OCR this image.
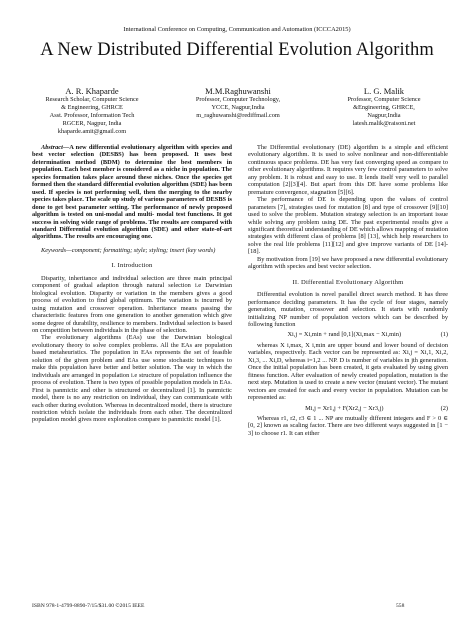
International Conference on Computing, Communication and Automation (ICCCA2015)
A New Distributed Differential Evolution Algorithm
A. R. Khaparde
Research Scholar, Computer Science
& Engineering, GHRCE
Asst. Professor, Information Tech
RGCER, Nagpur, India
khaparde.amit@gmail.com
M.M.Raghuwanshi
Professor, Computer Technology,
YCCE, Nagpur,India
m_raghuwanshi@rediffmail.com
L. G. Malik
Professor, Computer Science
&Engineering, GHRCE,
Nagpur,India
latesh.malik@raisoni.net

Abstract—A new differential evolutionary algorithm with species and best vector selection (DESBS) has been proposed. It uses best determination method (BDM) to determine the best members in population. Each best member is considered as a niche in population. The species formation takes place around these niches. Once the species get formed then the standard differential evolution algorithm (SDE) has been used. If species is not performing well, then the merging to the nearby species takes place. The scale up study of various parameters of DESBS is done to get best parameter setting. The performance of newly proposed algorithm is tested on uni-modal and multi- modal test functions. It got success in solving wide range of problems. The results are compared with standard Differential evolution algorithm (SDE) and other state-of-art algorithms. The results are encouraging one.

Keywords—component; formatting; style; styling; insert (key words)

I. Introduction

Disparity, inheritance and individual selection are three main principal component of gradual adaption through natural selection i.e Darwinian biological evolution. Disparity or variation in the members gives a good process of evolution to find global optimum. The variation is incurred by using mutation and crossover operation. Inheritance means passing the characteristic features from one generation to another generation which give some degree of durability, resilience to members. Individual selection is based on competition between individuals in the phase of selection.

The evolutionary algorithms (EAs) use the Darwinian biological evolutionary theory to solve complex problems. All the EAs are population based metaheuristics. The population in EAs represents the set of feasible solution of the given problem and EAs use some stochastic techniques to make this population have better and better solution. The way in which the individuals are arranged in population i.e structure of population influence the process of evolution. There is two types of possible population models in EAs. First is panmictic and other is structured or decentralized [1]. In panmictic model, there is no any restriction on individual, they can communicate with each other during evolution. Whereas in decentralized model, there is structure restriction which isolate the individuals from each other. The decentralized population model gives more exploration compare to panmictic model [1].

The Differential evolutionary (DE) algorithm is a simple and efficient evolutionary algorithm. It is used to solve nonlinear and non-differentiable continuous space problems. DE has very fast converging speed as compare to other evolutionary algorithms. It requires very few control parameters to solve any problem. It is robust and easy to use. It lends itself very well to parallel computation [2][3][4]. But apart from this DE have some problems like premature convergence, stagnation [5][6].

The performance of DE is depending upon the values of control parameters [7], strategies used for mutation [8] and type of crossover [9][10] used to solve the problem. Mutation strategy selection is an important issue while solving any problem using DE. The past experimental results give a significant theoretical understanding of DE which allows mapping of mutation strategies with different class of problems [8] [13], which help researchers to solve the real life problems [11][12] and give improve variants of DE [14]-[18].

By motivation from [19] we have proposed a new differential evolutionary algorithm with species and best vector selection.

II. Differential Evolutionary Algorithm

Differential evolution is novel parallel direct search method. It has three performance deciding parameters. It has the cycle of four stages, namely generation, mutation, crossover and selection. It starts with randomly initializing NP number of population vectors which can be described by following function

Xi,j = Xi,min + rand [0,1](Xi,max − Xi,min)	(1)

whereas X i,max, X i,min are upper bound and lower bound of decision variables, respectively. Each vector can be represented as: Xi,j = Xi,1, Xi,2, Xi,3, ... Xi,D, whereas i=1,2 ... NP. D is number of variables in jth generation. Once the initial population has been created, it gets evaluated by using given fitness function. After evaluation of newly created population, mutation is the next step. Mutation is used to create a new vector (mutant vector). The mutant vectors are created for each and every vector in population. Mutation can be represented as:

Mi,j = Xr1,j + F(Xr2,j − Xr3,j)	(2)

Whereas r1, r2, r3 ∈ 1 ... NP are mutually different integers and F > 0 ∈ [0, 2] known as scaling factor. There are two different ways suggested in [1 − 3] to choose r1. It can either

ISBN 978-1-4799-8890-7/15/$31.00 ©2015 IEEE	558
